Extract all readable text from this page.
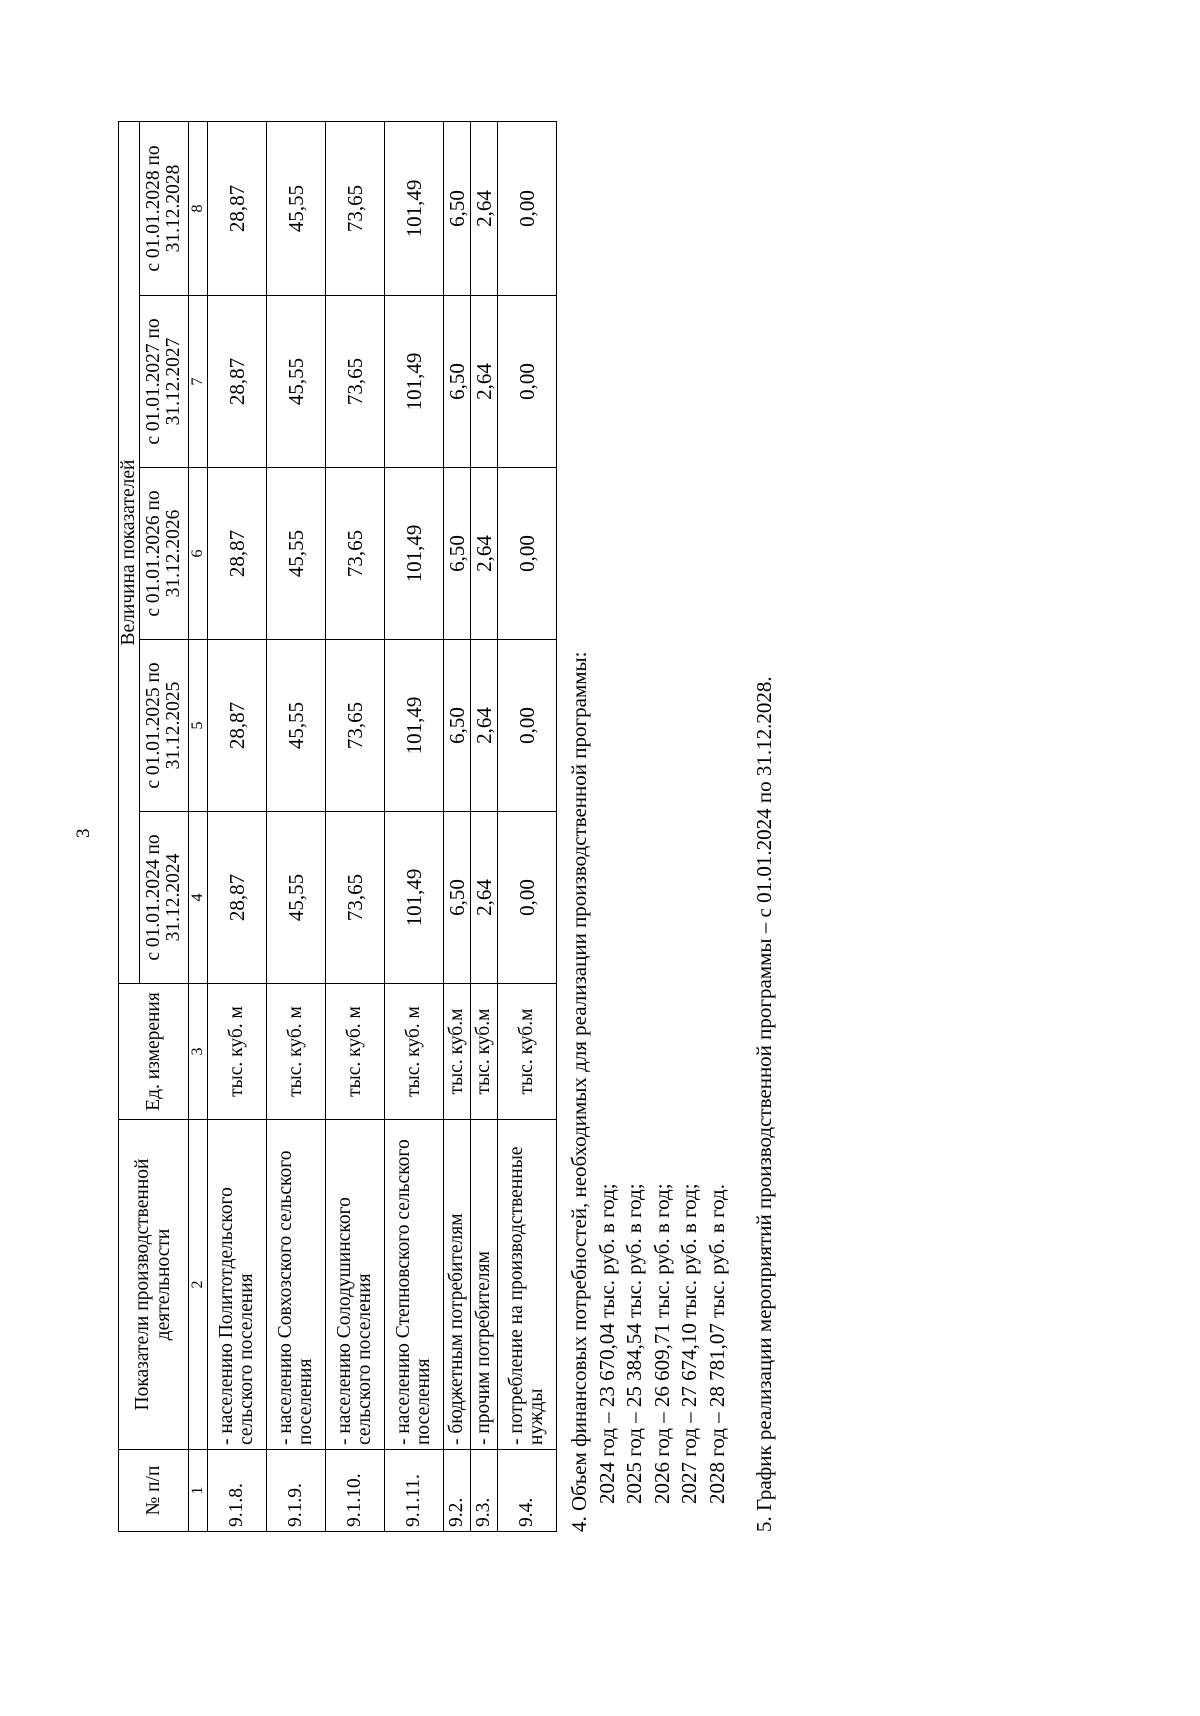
3
№ п/п	Показатели производственной деятельности	Ед. измерения	Величина показателей				
			с 01.01.2024 по 31.12.2024	с 01.01.2025 по 31.12.2025	с 01.01.2026 по 31.12.2026	с 01.01.2027 по 31.12.2027	с 01.01.2028 по 31.12.2028
1	2	3	4	5	6	7	8
9.1.8.	- населению Политотдельского сельского поселения	тыс. куб. м	28,87	28,87	28,87	28,87	28,87
9.1.9.	- населению Совхозского сельского поселения	тыс. куб. м	45,55	45,55	45,55	45,55	45,55
9.1.10.	- населению Солодушинского сельского поселения	тыс. куб. м	73,65	73,65	73,65	73,65	73,65
9.1.11.	- населению Степновского сельского поселения	тыс. куб. м	101,49	101,49	101,49	101,49	101,49
9.2.	- бюджетным потребителям	тыс. куб.м	6,50	6,50	6,50	6,50	6,50
9.3.	- прочим потребителям	тыс. куб.м	2,64	2,64	2,64	2,64	2,64
9.4.	- потребление на производственные нужды	тыс. куб.м	0,00	0,00	0,00	0,00	0,00

4. Объем финансовых потребностей, необходимых для реализации производственной программы: 2024 год – 23 670,04 тыс. руб. в год; 2025 год – 25 384,54 тыс. руб. в год; 2026 год – 26 609,71 тыс. руб. в год; 2027 год – 27 674,10 тыс. руб. в год; 2028 год – 28 781,07 тыс. руб. в год. 5. График реализации мероприятий производственной программы – с 01.01.2024 по 31.12.2028.
